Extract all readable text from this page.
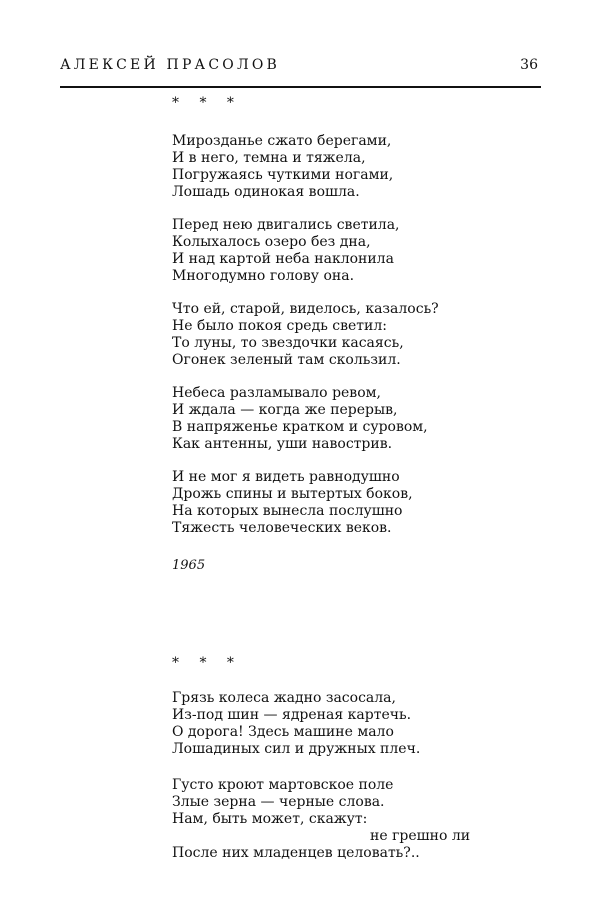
АЛЕКСЕЙ ПРАСОЛОВ	36
* * *
Мирозданье сжато берегами,
И в него, темна и тяжела,
Погружаясь чуткими ногами,
Лошадь одинокая вошла.
Перед нею двигались светила,
Колыхалось озеро без дна,
И над картой неба наклонила
Многодумно голову она.
Что ей, старой, виделось, казалось?
Не было покоя средь светил:
То луны, то звездочки касаясь,
Огонек зеленый там скользил.
Небеса разламывало ревом,
И ждала — когда же перерыв,
В напряженье кратком и суровом,
Как антенны, уши навострив.
И не мог я видеть равнодушно
Дрожь спины и вытертых боков,
На которых вынесла послушно
Тяжесть человеческих веков.
1965
* * *
Грязь колеса жадно засосала,
Из-под шин — ядреная картечь.
О дорога! Здесь машине мало
Лошадиных сил и дружных плеч.
Густо кроют мартовское поле
Злые зерна — черные слова.
Нам, быть может, скажут:
не грешно ли
После них младенцев целовать?..
